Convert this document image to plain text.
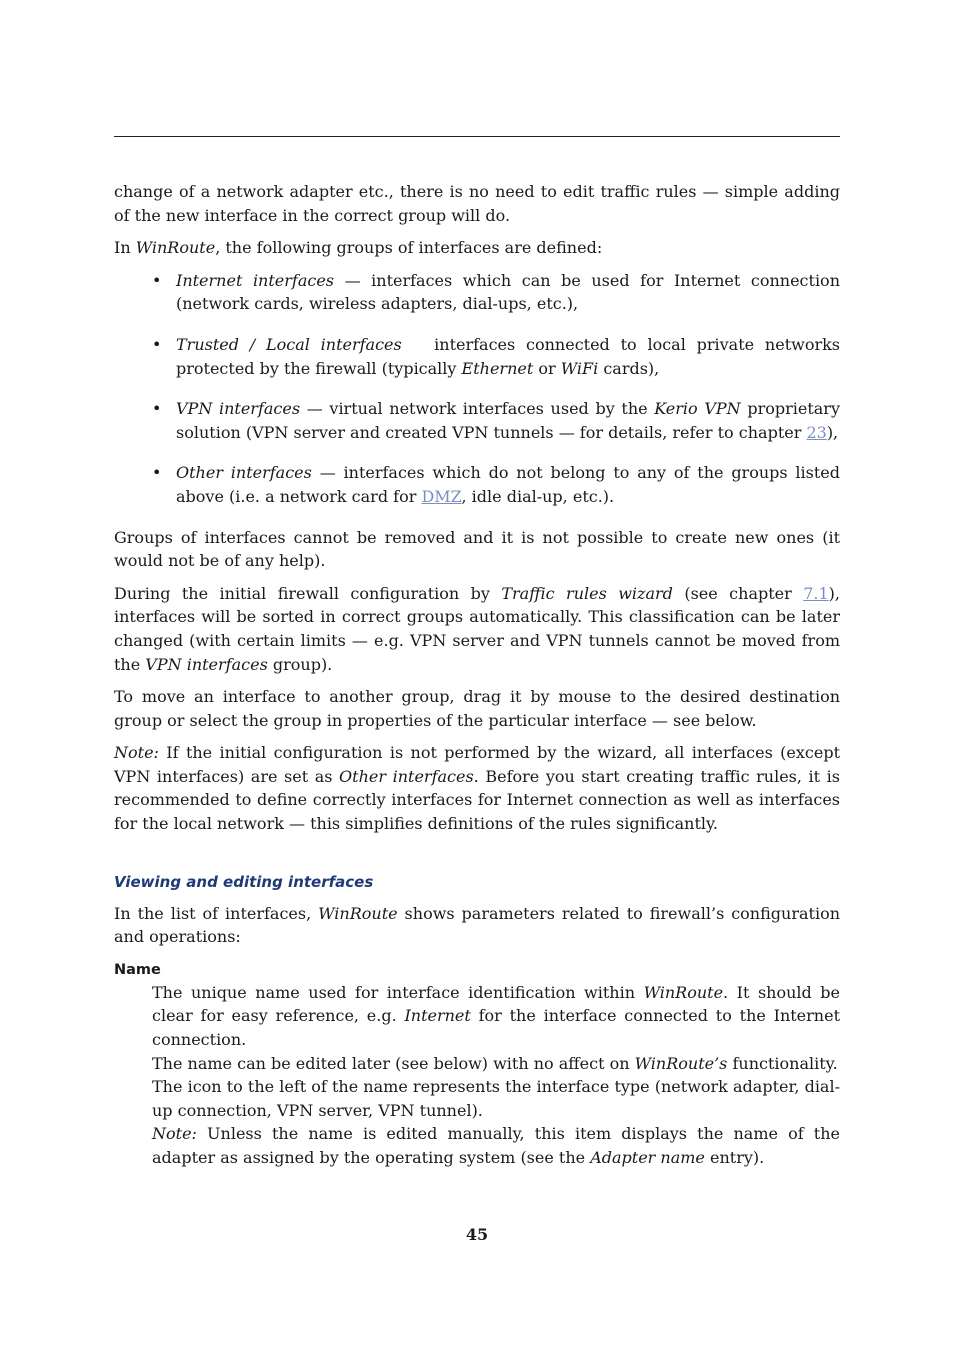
change of a network adapter etc., there is no need to edit traffic rules — simple adding of the new interface in the correct group will do.

In WinRoute, the following groups of interfaces are defined:

• Internet interfaces — interfaces which can be used for Internet connection (network cards, wireless adapters, dial-ups, etc.),
• Trusted / Local interfaces   interfaces connected to local private networks protected by the firewall (typically Ethernet or WiFi cards),
• VPN interfaces — virtual network interfaces used by the Kerio VPN proprietary solution (VPN server and created VPN tunnels — for details, refer to chapter 23),
• Other interfaces — interfaces which do not belong to any of the groups listed above (i.e. a network card for DMZ, idle dial-up, etc.).

Groups of interfaces cannot be removed and it is not possible to create new ones (it would not be of any help).

During the initial firewall configuration by Traffic rules wizard (see chapter 7.1), interfaces will be sorted in correct groups automatically. This classification can be later changed (with certain limits — e.g. VPN server and VPN tunnels cannot be moved from the VPN interfaces group).

To move an interface to another group, drag it by mouse to the desired destination group or select the group in properties of the particular interface — see below.

Note: If the initial configuration is not performed by the wizard, all interfaces (except VPN interfaces) are set as Other interfaces. Before you start creating traffic rules, it is recommended to define correctly interfaces for Internet connection as well as interfaces for the local network — this simplifies definitions of the rules significantly.

Viewing and editing interfaces

In the list of interfaces, WinRoute shows parameters related to firewall’s configuration and operations:

Name

The unique name used for interface identification within WinRoute. It should be clear for easy reference, e.g. Internet for the interface connected to the Internet connection.

The name can be edited later (see below) with no affect on WinRoute’s functionality.

The icon to the left of the name represents the interface type (network adapter, dial-up connection, VPN server, VPN tunnel).

Note: Unless the name is edited manually, this item displays the name of the adapter as assigned by the operating system (see the Adapter name entry).

45
